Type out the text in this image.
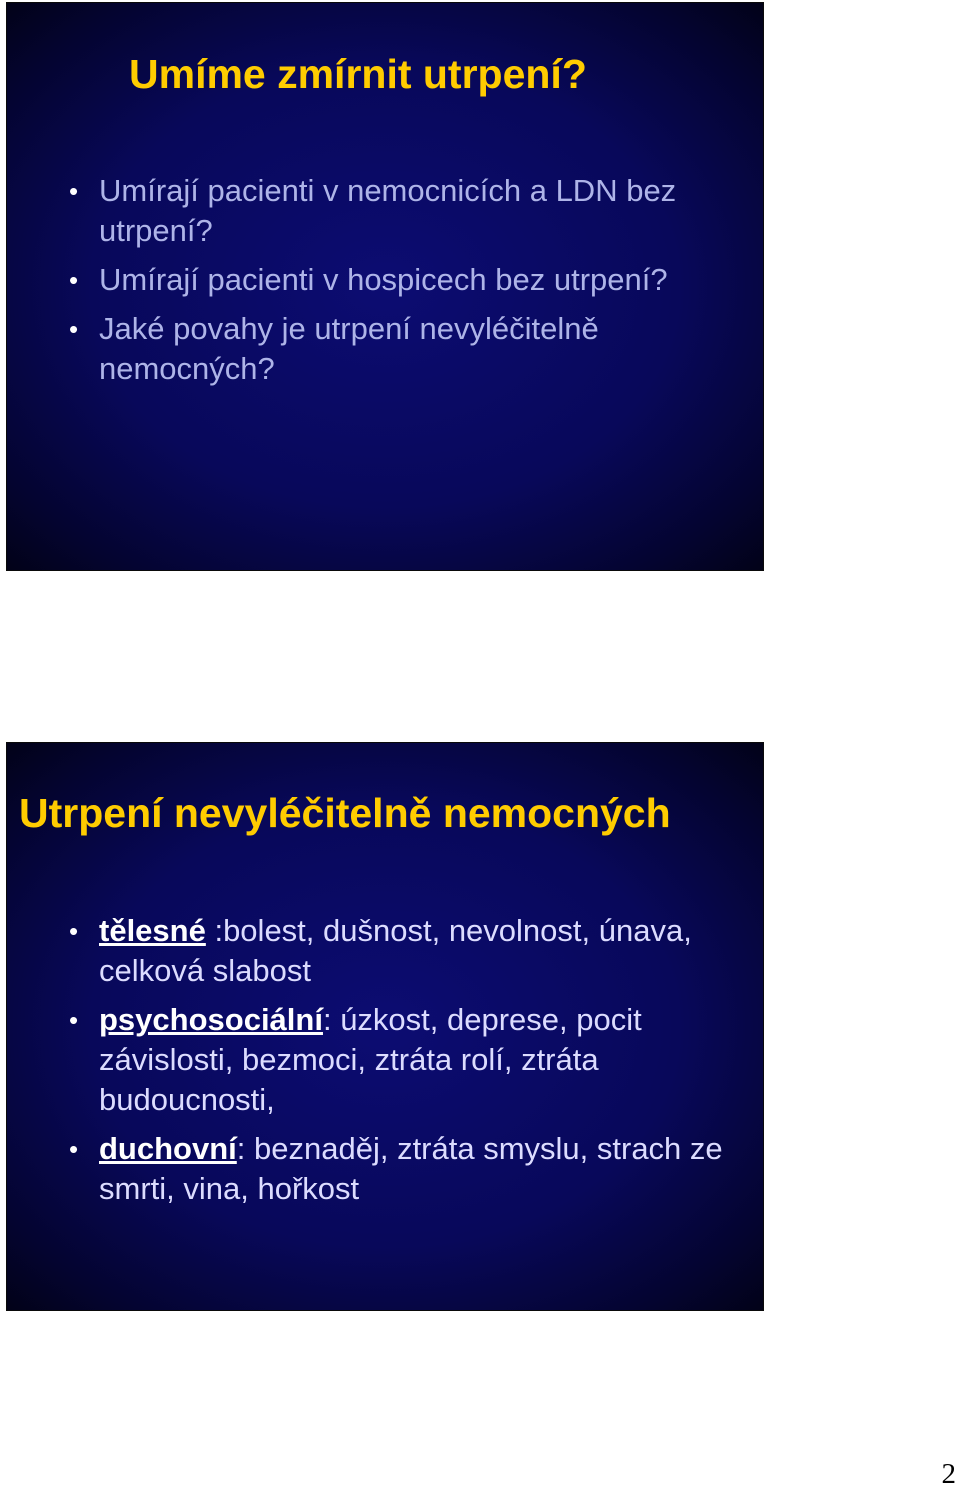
Umíme zmírnit utrpení?
• Umírají pacienti v nemocnicích a LDN bez utrpení?
• Umírají pacienti v hospicech bez utrpení?
• Jaké povahy je utrpení nevyléčitelně nemocných?
Utrpení nevyléčitelně nemocných
• tělesné :bolest, dušnost, nevolnost, únava, celková slabost
• psychosociální: úzkost, deprese, pocit závislosti, bezmoci, ztráta rolí, ztráta budoucnosti,
• duchovní: beznaděj, ztráta smyslu, strach ze smrti, vina, hořkost
2
